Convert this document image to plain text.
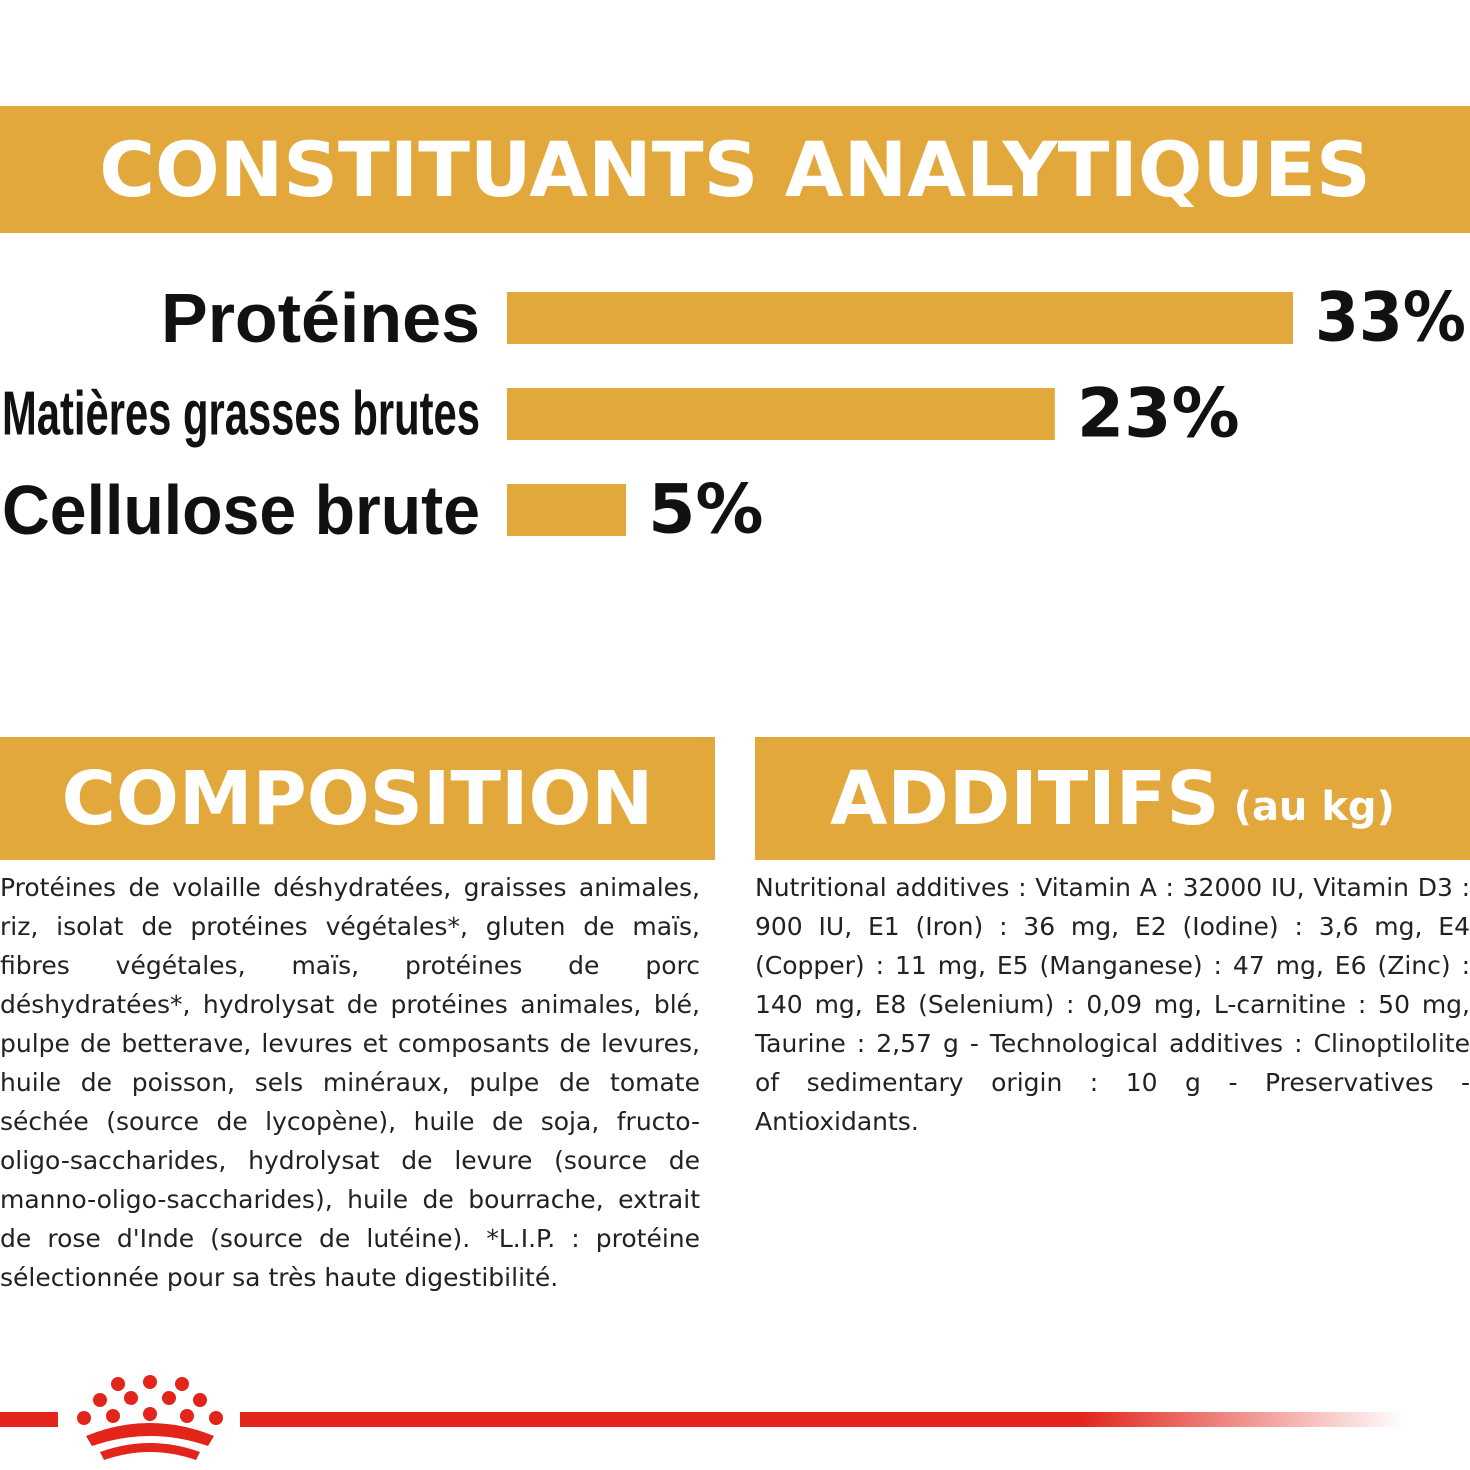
CONSTITUANTS ANALYTIQUES
Protéines	33%
Matières grasses brutes	23%
Cellulose brute 5%
COMPOSITION

Protéines de volaille déshydratées, graisses animales, riz, isolat de protéines végétales*, gluten de maïs, fibres végétales, maïs, protéines de porc déshydratées*, hydrolysat de protéines animales, blé, pulpe de betterave, levures et composants de levures, huile de poisson, sels minéraux, pulpe de tomate séchée (source de lycopène), huile de soja, fructo-oligo-saccharides, hydrolysat de levure (source de manno-oligo-saccharides), huile de bourrache, extrait de rose d'Inde (source de lutéine). *L.I.P. : protéine sélectionnée pour sa très haute digestibilité.

ADDITIFS (au kg)

Nutritional additives : Vitamin A : 32000 IU, Vitamin D3 : 900 IU, E1 (Iron) : 36 mg, E2 (Iodine) : 3,6 mg, E4 (Copper) : 11 mg, E5 (Manganese) : 47 mg, E6 (Zinc) : 140 mg, E8 (Selenium) : 0,09 mg, L-carnitine : 50 mg, Taurine : 2,57 g - Technological additives : Clinoptilolite of sedimentary origin : 10 g - Preservatives - Antioxidants.
